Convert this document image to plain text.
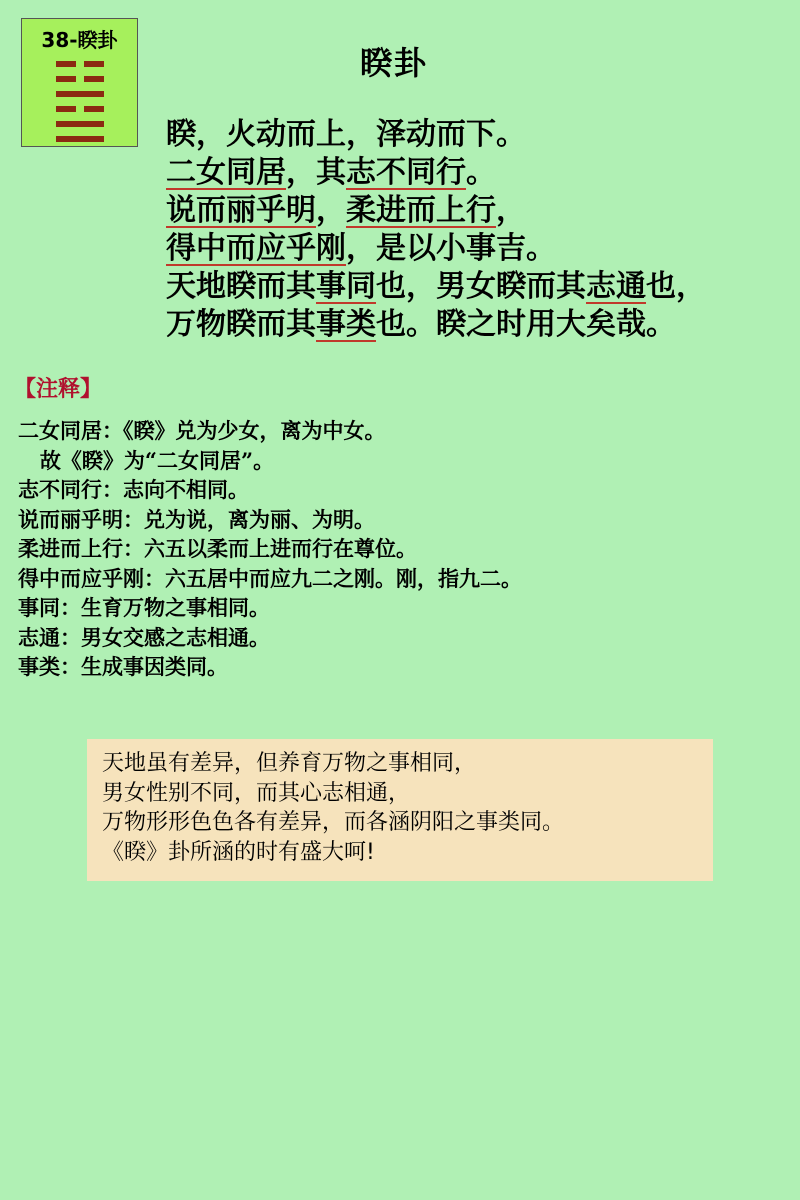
38-睽卦
睽卦
睽，火动而上，泽动而下。
二女同居，其志不同行。
说而丽乎明，柔进而上行，
得中而应乎刚，是以小事吉。
天地睽而其事同也，男女睽而其志通也，
万物睽而其事类也。睽之时用大矣哉。
【注释】
二女同居：《睽》兑为少女，离为中女。
故《睽》为“二女同居”。
志不同行：志向不相同。
说而丽乎明：兑为说，离为丽、为明。
柔进而上行：六五以柔而上进而行在尊位。
得中而应乎刚：六五居中而应九二之刚。刚，指九二。
事同：生育万物之事相同。
志通：男女交感之志相通。
事类：生成事因类同。
天地虽有差异，但养育万物之事相同，
男女性别不同，而其心志相通，
万物形形色色各有差异，而各涵阴阳之事类同。
《睽》卦所涵的时有盛大呵!
